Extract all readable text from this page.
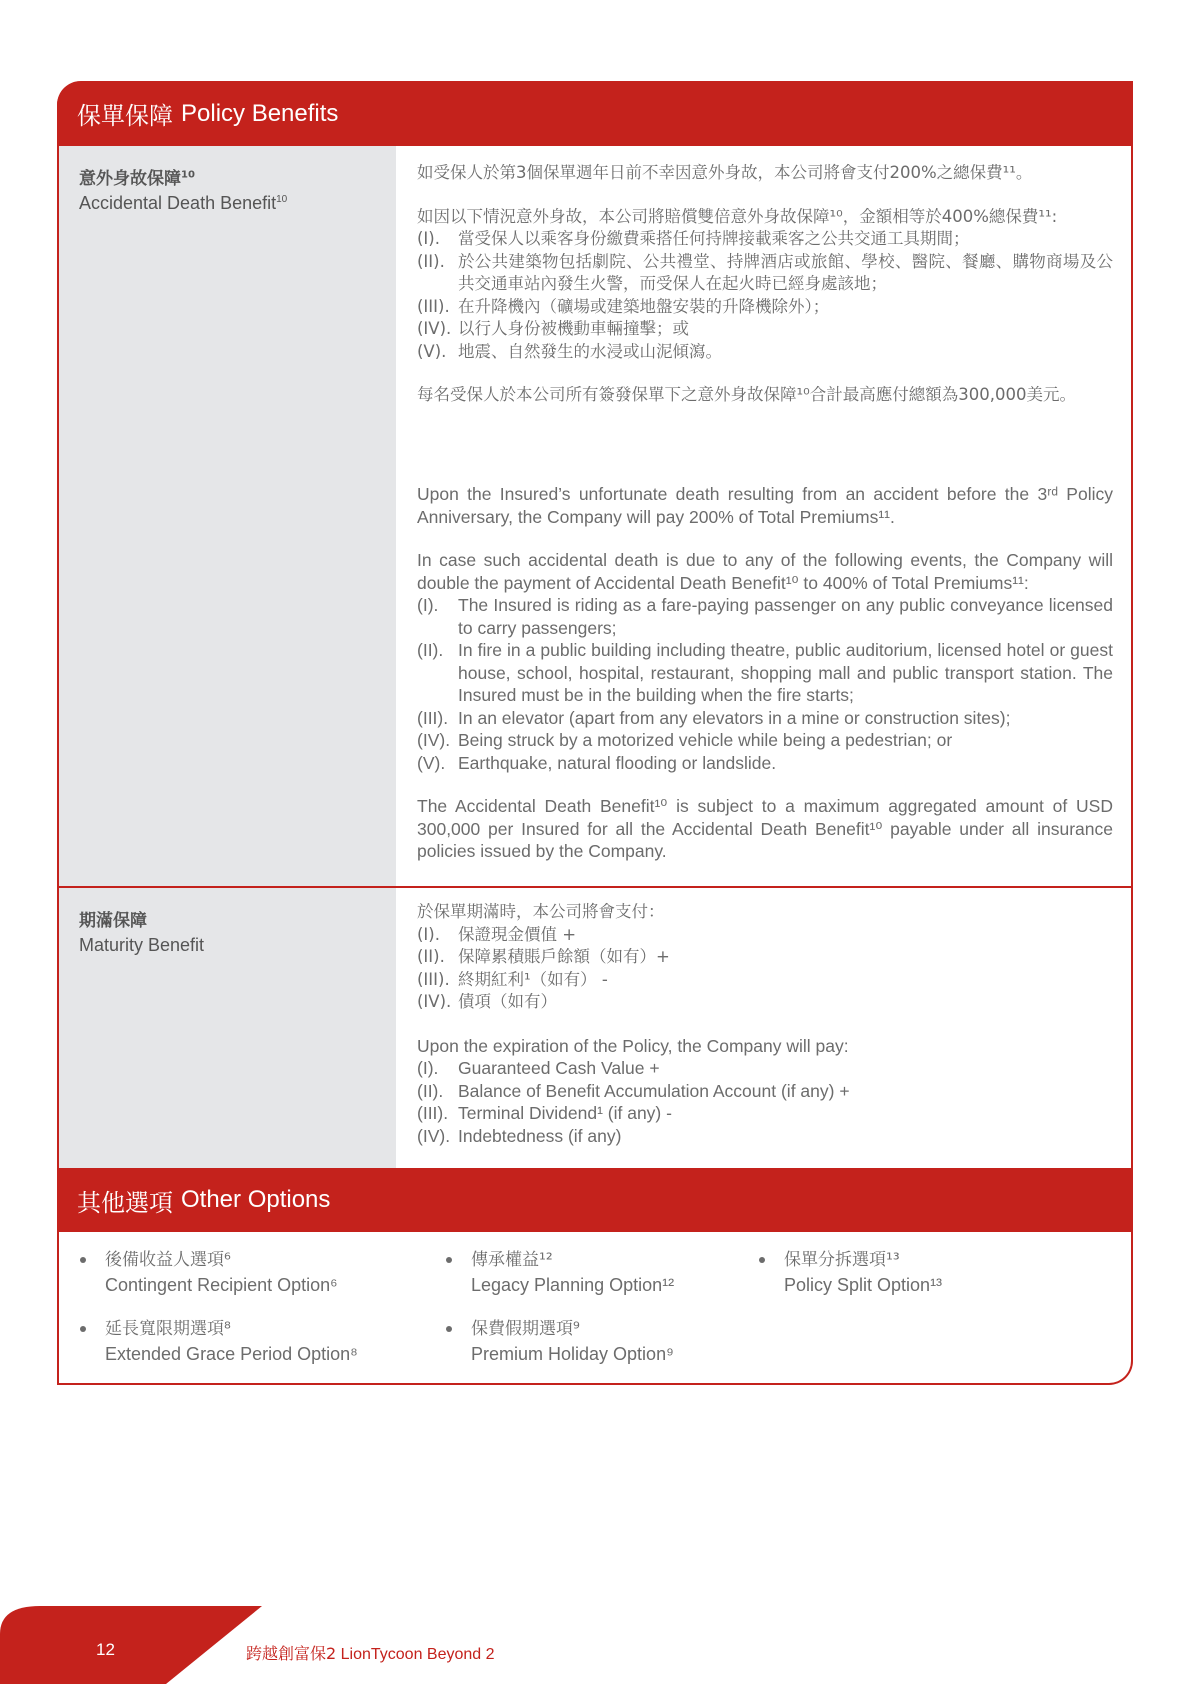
保單保障 Policy Benefits
意外身故保障$^{10}$
Accidental Death Benefit$^{10}$
如受保人於第3個保單週年日前不幸因意外身故，本公司將會支付200%之總保費¹¹。
如因以下情況意外身故，本公司將賠償雙倍意外身故保障¹⁰，金額相等於400%總保費¹¹:
(I).	當受保人以乘客身份繳費乘搭任何持牌接載乘客之公共交通工具期間；
(II). 於公共建築物包括劇院、公共禮堂、持牌酒店或旅館、學校、醫院、餐廳、購物商場及公共交通車站內發生火警，而受保人在起火時已經身處該地；
(III). 在升降機內（礦場或建築地盤安裝的升降機除外）；
(IV). 以行人身份被機動車輛撞擊；或
(V). 地震、自然發生的水浸或山泥傾瀉。
每名受保人於本公司所有簽發保單下之意外身故保障¹⁰合計最高應付總額為300,000美元。
Upon the Insured’s unfortunate death resulting from an accident before the 3ʳᵈ Policy Anniversary, the Company will pay 200% of Total Premiums¹¹.
In case such accidental death is due to any of the following events, the Company will double the payment of Accidental Death Benefit¹⁰ to 400% of Total Premiums¹¹:
(I).	The Insured is riding as a fare-paying passenger on any public conveyance licensed to carry passengers;
(II). In fire in a public building including theatre, public auditorium, licensed hotel or guest house, school, hospital, restaurant, shopping mall and public transport station. The Insured must be in the building when the fire starts;
(III). In an elevator (apart from any elevators in a mine or construction sites);
(IV). Being struck by a motorized vehicle while being a pedestrian; or
(V). Earthquake, natural flooding or landslide.
The Accidental Death Benefit¹⁰ is subject to a maximum aggregated amount of USD 300,000 per Insured for all the Accidental Death Benefit¹⁰ payable under all insurance policies issued by the Company.
期滿保障
Maturity Benefit
於保單期滿時，本公司將會支付：
(I).	保證現金價值 +
(II). 保障累積賬戶餘額（如有）+
(III). 終期紅利¹（如有） -
(IV). 債項（如有）
Upon the expiration of the Policy, the Company will pay:
(I).	Guaranteed Cash Value +
(II). Balance of Benefit Accumulation Account (if any) +
(III). Terminal Dividend¹ (if any) -
(IV). Indebtedness (if any)
其他選項 Other Options
後備收益人選項⁶
Contingent Recipient Option⁶
傳承權益¹²
Legacy Planning Option¹²
保單分拆選項¹³
Policy Split Option¹³
延長寬限期選項⁸
Extended Grace Period Option⁸
保費假期選項⁹
Premium Holiday Option⁹
12	跨越創富保2 LionTycoon Beyond 2
